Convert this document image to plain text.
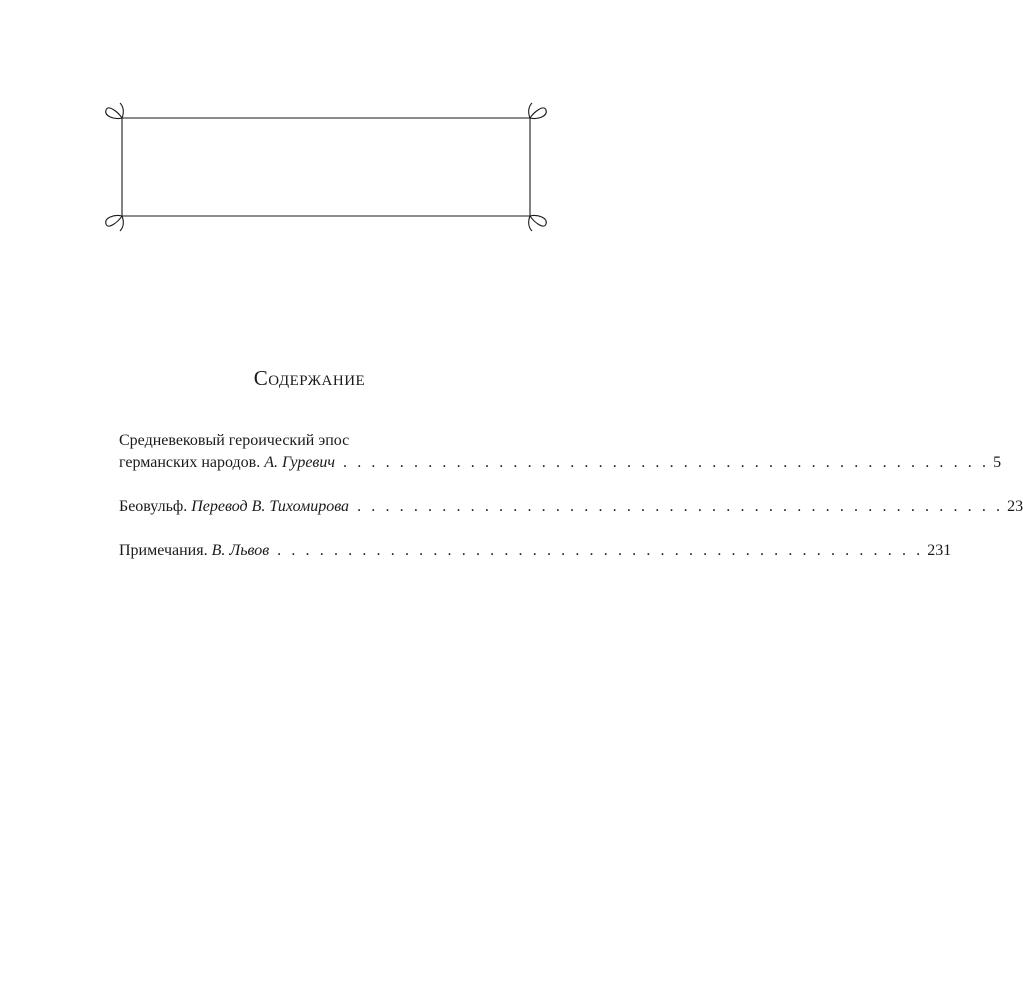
Содержание
Средневековый героический эпос
германских народов. А. Гуревич . . . . . . . . . . . . . . . . . . . . . . . . . . . . . . . . . . . . . . . . . . . . . . 5
Беовульф. Перевод В. Тихомирова . . . . . . . . . . . . . . . . . . . . . . . . . . . . . . . . . . . . . . . . . . . . . . 23
Примечания. В. Львов . . . . . . . . . . . . . . . . . . . . . . . . . . . . . . . . . . . . . . . . . . . . . . 231
